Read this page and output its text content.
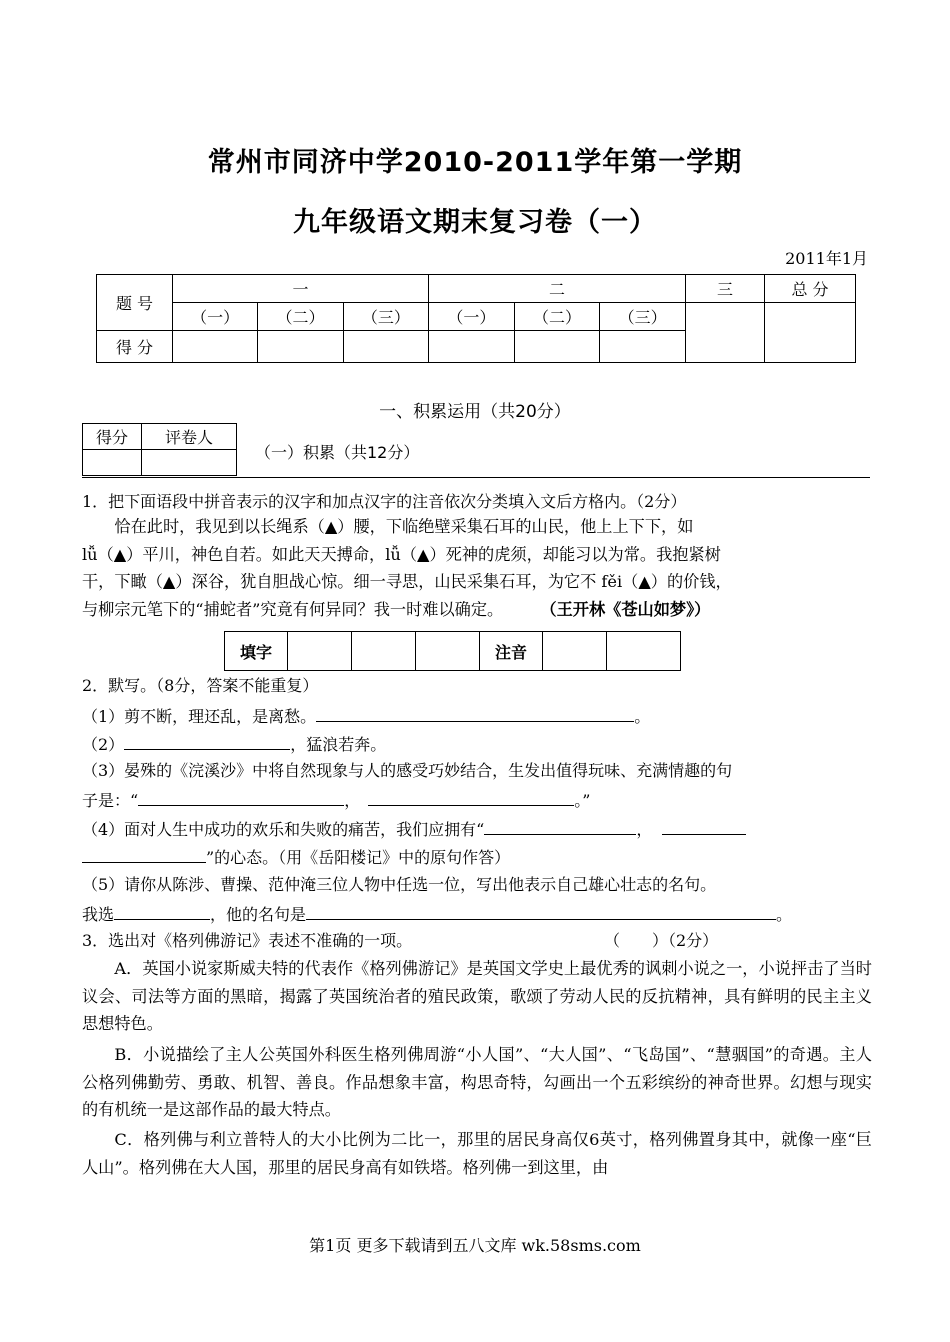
常州市同济中学2010-2011学年第一学期
九年级语文期末复习卷（一）
2011年1月
题 号	一			二			三	总 分
	（一）	（二）	（三）	（一）	（二）	（三）		
得 分								
一、积累运用（共20分）
得分	评卷人

（一）积累（共12分）
1．把下面语段中拼音表示的汉字和加点汉字的注音依次分类填入文后方格内。（2分）
恰在此时，我见到以长绳系（▲）腰，下临绝壁采集石耳的山民，他上上下下，如
lǚ（▲）平川，神色自若。如此天天搏命，lǚ（▲）死神的虎须，却能习以为常。我抱紧树
干，下瞰（▲）深谷，犹自胆战心惊。细一寻思，山民采集石耳，为它不 fěi（▲）的价钱，
与柳宗元笔下的“捕蛇者”究竟有何异同？我一时难以确定。 （王开林《苍山如梦》）
填字				注音		
2．默写。（8分，答案不能重复）
（1）剪不断，理还乱，是离愁。	。
（2）	，猛浪若奔。
（3）晏殊的《浣溪沙》中将自然现象与人的感受巧妙结合，生发出值得玩味、充满情趣的句
子是：“	，	。”
（4）面对人生中成功的欢乐和失败的痛苦，我们应拥有“	，
”的心态。（用《岳阳楼记》中的原句作答）
（5）请你从陈涉、曹操、范仲淹三位人物中任选一位，写出他表示自己雄心壮志的名句。
我选	，他的名句是	。
3．选出对《格列佛游记》表述不准确的一项。	（　　）（2分）
A．英国小说家斯威夫特的代表作《格列佛游记》是英国文学史上最优秀的讽刺小说之一，小说抨击了当时议会、司法等方面的黑暗，揭露了英国统治者的殖民政策，歌颂了劳动人民的反抗精神，具有鲜明的民主主义思想特色。
B．小说描绘了主人公英国外科医生格列佛周游“小人国”、“大人国”、“飞岛国”、“慧骃国”的奇遇。主人公格列佛勤劳、勇敢、机智、善良。作品想象丰富，构思奇特，勾画出一个五彩缤纷的神奇世界。幻想与现实的有机统一是这部作品的最大特点。
C．格列佛与利立普特人的大小比例为二比一，那里的居民身高仅6英寸，格列佛置身其中，就像一座“巨人山”。格列佛在大人国，那里的居民身高有如铁塔。格列佛一到这里，由
第1页 更多下载请到五八文库 wk.58sms.com
